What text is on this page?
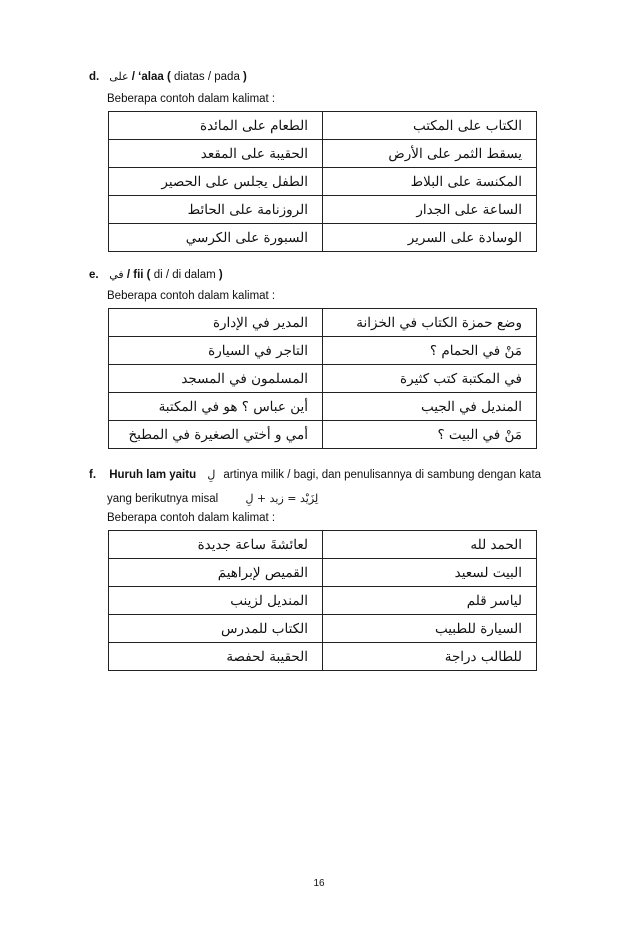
d. على / ‘alaa ( diatas / pada )
Beberapa contoh dalam kalimat :
الطعام على المائدة	الكتاب على المكتب
الحقيبة على المقعد	يسقط الثمر على الأرض
الطفل يجلس على الحصير	المكنسة على البلاط
الروزنامة على الحائط	الساعة على الجدار
السبورة على الكرسي	الوسادة على السرير
e. في / fii ( di / di dalam )
Beberapa contoh dalam kalimat :
المدير في الإدارة	وضع حمزة الكتاب في الخزانة
التاجر في السيارة	مَنْ في الحمام ؟
المسلمون في المسجد	في المكتبة كتب كثيرة
أين عباس ؟ هو في المكتبة	المنديل في الجيب
أمي و أختي الصغيرة في المطبخ	مَنْ في البيت ؟
f. Huruh lam yaitu لِ artinya milik / bagi, dan penulisannya di sambung dengan kata
yang berikutnya misal لِزَيْد = زيد + لِ
Beberapa contoh dalam kalimat :
لعائشةَ ساعة جديدة	الحمد لله
القميص لإبراهيمَ	البيت لسعيد
المنديل لزينب	لياسر قلم
الكتاب للمدرس	السيارة للطبيب
الحقيبة لحفصة	للطالب دراجة
16
